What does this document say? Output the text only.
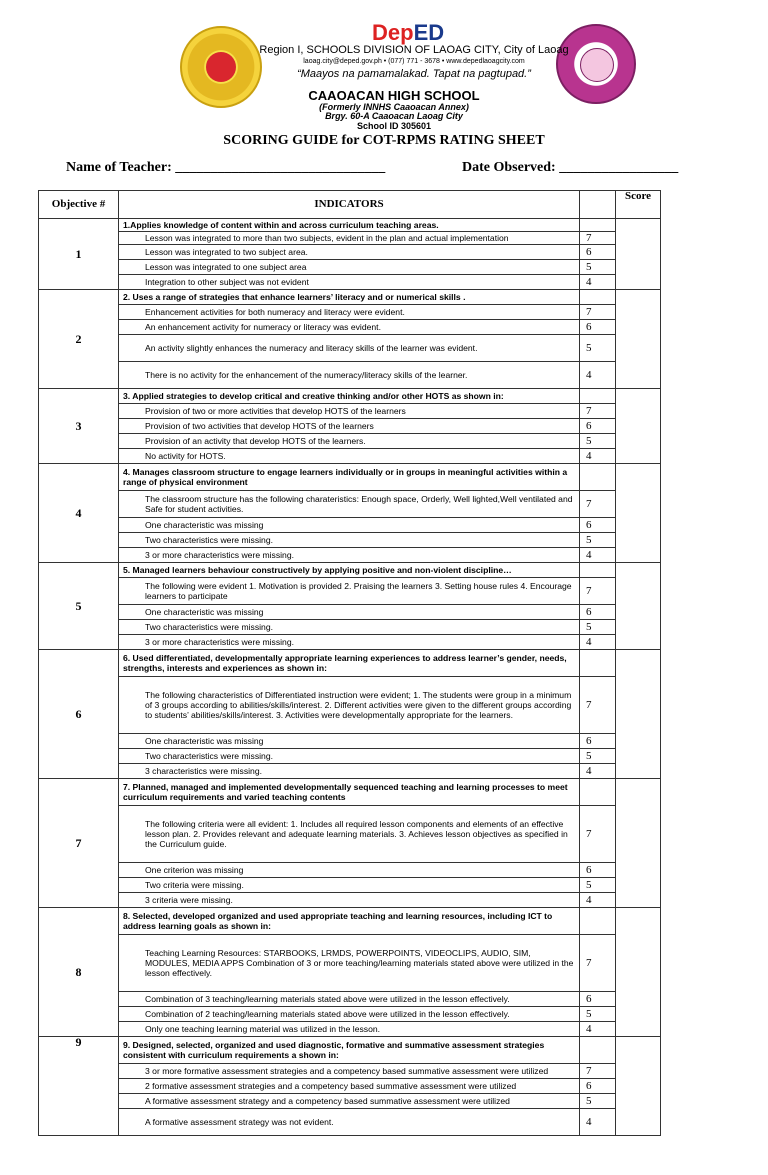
DepED
Region I, SCHOOLS DIVISION OF LAOAG CITY, City of Laoag
laoag.city@deped.gov.ph • (077) 771 - 3678 • www.depedlaoagcity.com
“Maayos na pamamalakad. Tapat na pagtupad.”
CAAOACAN HIGH SCHOOL
(Formerly INNHS Caaoacan Annex)
Brgy. 60-A Caaoacan Laoag City
School ID 305601
SCORING GUIDE for COT-RPMS RATING SHEET
Name of Teacher: ______________________________	Date Observed: _________________
Objective #	INDICATORS		Score
1	1.Applies knowledge of content within and across curriculum teaching areas.		
	Lesson was integrated to more than two subjects, evident in the plan and actual implementation	7	
	Lesson was integrated to two subject area.	6	
	Lesson was integrated to one subject area	5	
	Integration to other subject was not evident	4	
2	2. Uses a range of strategies that enhance learners’ literacy and or numerical skills .		
	Enhancement activities for both numeracy and literacy were evident.	7	
	An enhancement activity for numeracy or literacy was evident.	6	
	An activity slightly enhances the numeracy and literacy skills of the learner was evident.	5	
	There is no activity for the enhancement of the numeracy/literacy skills of the learner.	4	
3	3. Applied strategies to develop critical and creative thinking and/or other HOTS as shown in:		
	Provision of two or more activities that develop HOTS of the learners	7	
	Provision of two activities that develop HOTS of the learners	6	
	Provision of an activity that develop HOTS of the learners.	5	
	No activity for HOTS.	4	
4	4. Manages classroom structure to engage learners individually or in groups in meaningful activities within a range of physical environment		
	The classroom structure has the following charateristics: Enough space, Orderly, Well lighted,Well ventilated and Safe for student activities.	7	
	One characteristic was missing	6	
	Two characteristics were missing.	5	
	3 or more characteristics were missing.	4	
5	5. Managed learners behaviour constructively by applying positive and non-violent discipline…		
	The following were evident 1. Motivation is provided 2. Praising the learners 3. Setting house rules 4. Encourage learners to participate	7	
	One characteristic was missing	6	
	Two characteristics were missing.	5	
	3 or more characteristics were missing.	4	
6	6. Used differentiated, developmentally appropriate learning experiences to address learner’s gender, needs, strengths, interests and experiences as shown in:		
	The following characteristics of Differentiated instruction were evident; 1. The students were group in a minimum of 3 groups according to abilities/skills/interest. 2. Different activities were given to the different groups according to students’ abilities/skills/interest. 3. Activities were developmentally appropriate for the learners.	7	
	One characteristic was missing	6	
	Two characteristics were missing.	5	
	3 characteristics were missing.	4	
7	7. Planned, managed and implemented developmentally sequenced teaching and learning processes to meet curriculum requirements and varied teaching contents		
	The following criteria were all evident: 1. Includes all required lesson components and elements of an effective lesson plan. 2. Provides relevant and adequate learning materials. 3. Achieves lesson objectives as specified in the Curriculum guide.	7	
	One criterion was missing	6	
	Two criteria were missing.	5	
	3 criteria were missing.	4	
8	8. Selected, developed organized and used appropriate teaching and learning resources, including ICT to address learning goals as shown in:		
	Teaching Learning Resources: STARBOOKS, LRMDS, POWERPOINTS, VIDEOCLIPS, AUDIO, SIM, MODULES, MEDIA APPS Combination of 3 or more teaching/learning materials stated above were utilized in the lesson effectively.	7	
	Combination of 3 teaching/learning materials stated above were utilized in the lesson effectively.	6	
	Combination of 2 teaching/learning materials stated above were utilized in the lesson effectively.	5	
	Only one teaching learning material was utilized in the lesson.	4	
9	9. Designed, selected, organized and used diagnostic, formative and summative assessment strategies consistent with curriculum requirements a shown in:		
	3 or more formative assessment strategies and a competency based summative assessment were utilized	7	
	2 formative assessment strategies and a competency based summative assessment were utilized	6	
	A formative assessment strategy and a competency based summative assessment were utilized	5	
	A formative assessment strategy was not evident.	4	
